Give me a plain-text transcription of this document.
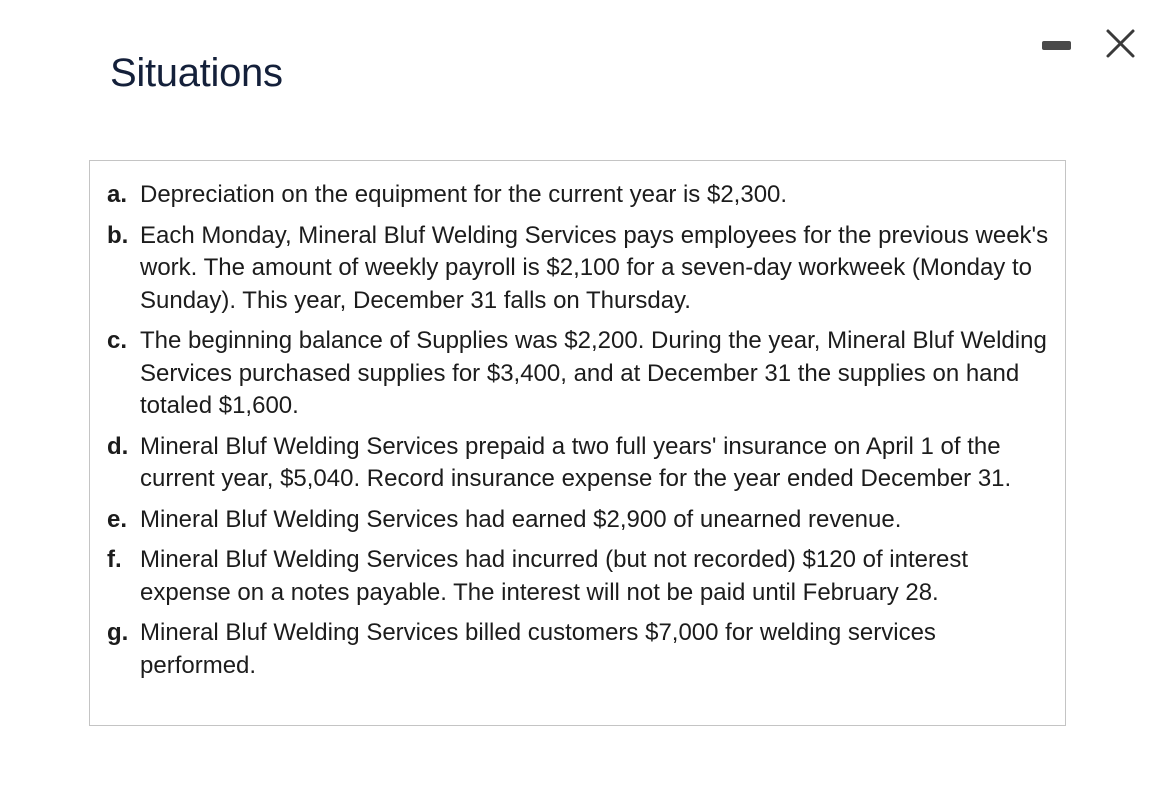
Situations
a. Depreciation on the equipment for the current year is $2,300.
b. Each Monday, Mineral Bluf Welding Services pays employees for the previous week's work. The amount of weekly payroll is $2,100 for a seven-day workweek (Monday to Sunday). This year, December 31 falls on Thursday.
c. The beginning balance of Supplies was $2,200. During the year, Mineral Bluf Welding Services purchased supplies for $3,400, and at December 31 the supplies on hand totaled $1,600.
d. Mineral Bluf Welding Services prepaid a two full years' insurance on April 1 of the current year, $5,040. Record insurance expense for the year ended December 31.
e. Mineral Bluf Welding Services had earned $2,900 of unearned revenue.
f. Mineral Bluf Welding Services had incurred (but not recorded) $120 of interest expense on a notes payable. The interest will not be paid until February 28.
g. Mineral Bluf Welding Services billed customers $7,000 for welding services performed.
